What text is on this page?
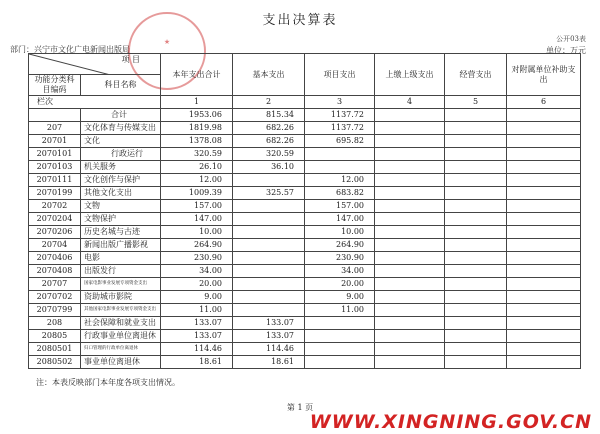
支出决算表
公开03表
部门：兴宁市文化广电新闻出版局	单位：万元
★
项 目		本年支出合计	基本支出	项目支出	上缴上级支出	经营支出	对附属单位补助支出
功能分类科目编码	科目名称						
栏次		1	2	3	4	5	6
	合计	1953.06	815.34	1137.72			
207	文化体育与传媒支出	1819.98	682.26	1137.72			
20701	文化	1378.08	682.26	695.82			
2070101	行政运行	320.59	320.59				
2070103	机关服务	26.10	36.10				
2070111	文化创作与保护	12.00		12.00			
2070199	其他文化支出	1009.39	325.57	683.82			
20702	文物	157.00		157.00			
2070204	文物保护	147.00		147.00			
2070206	历史名城与古迹	10.00		10.00			
20704	新闻出版广播影视	264.90		264.90			
2070406	电影	230.90		230.90			
2070408	出版发行	34.00		34.00			
20707	国家电影事业发展专项资金支出	20.00		20.00			
2070702	资助城市影院	9.00		9.00			
2070799	其他国家电影事业发展专项资金支出	11.00		11.00			
208	社会保障和就业支出	133.07	133.07				
20805	行政事业单位离退休	133.07	133.07				
2080501	归口管理的行政单位离退休	114.46	114.46				
2080502	事业单位离退休	18.61	18.61				
注：本表反映部门本年度各项支出情况。
第 1 页
WWW.XINGNING.GOV.CN
